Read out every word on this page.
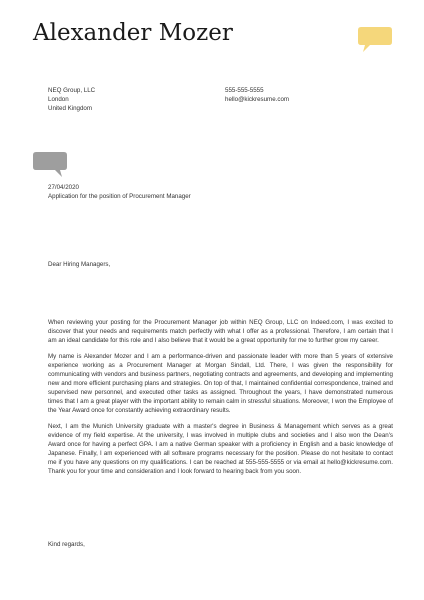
Alexander Mozer
NEQ Group, LLC
London
United Kingdom
555-555-5555
hello@kickresume.com
27/04/2020
Application for the position of Procurement Manager
Dear Hiring Managers,

When reviewing your posting for the Procurement Manager job within NEQ Group, LLC on Indeed.com, I was excited to discover that your needs and requirements match perfectly with what I offer as a professional. Therefore, I am certain that I am an ideal candidate for this role and I also believe that it would be a great opportunity for me to further grow my career.

My name is Alexander Mozer and I am a performance-driven and passionate leader with more than 5 years of extensive experience working as a Procurement Manager at Morgan Sindall, Ltd. There, I was given the responsibility for communicating with vendors and business partners, negotiating contracts and agreements, and developing and implementing new and more efficient purchasing plans and strategies. On top of that, I maintained confidential correspondence, trained and supervised new personnel, and executed other tasks as assigned. Throughout the years, I have demonstrated numerous times that I am a great player with the important ability to remain calm in stressful situations. Moreover, I won the Employee of the Year Award once for constantly achieving extraordinary results.

Next, I am the Munich University graduate with a master's degree in Business & Management which serves as a great evidence of my field expertise. At the university, I was involved in multiple clubs and societies and I also won the Dean's Award once for having a perfect GPA. I am a native German speaker with a proficiency in English and a basic knowledge of Japanese. Finally, I am experienced with all software programs necessary for the position. Please do not hesitate to contact me if you have any questions on my qualifications. I can be reached at 555-555-5555 or via email at hello@kickresume.com. Thank you for your time and consideration and I look forward to hearing back from you soon.

Kind regards,
